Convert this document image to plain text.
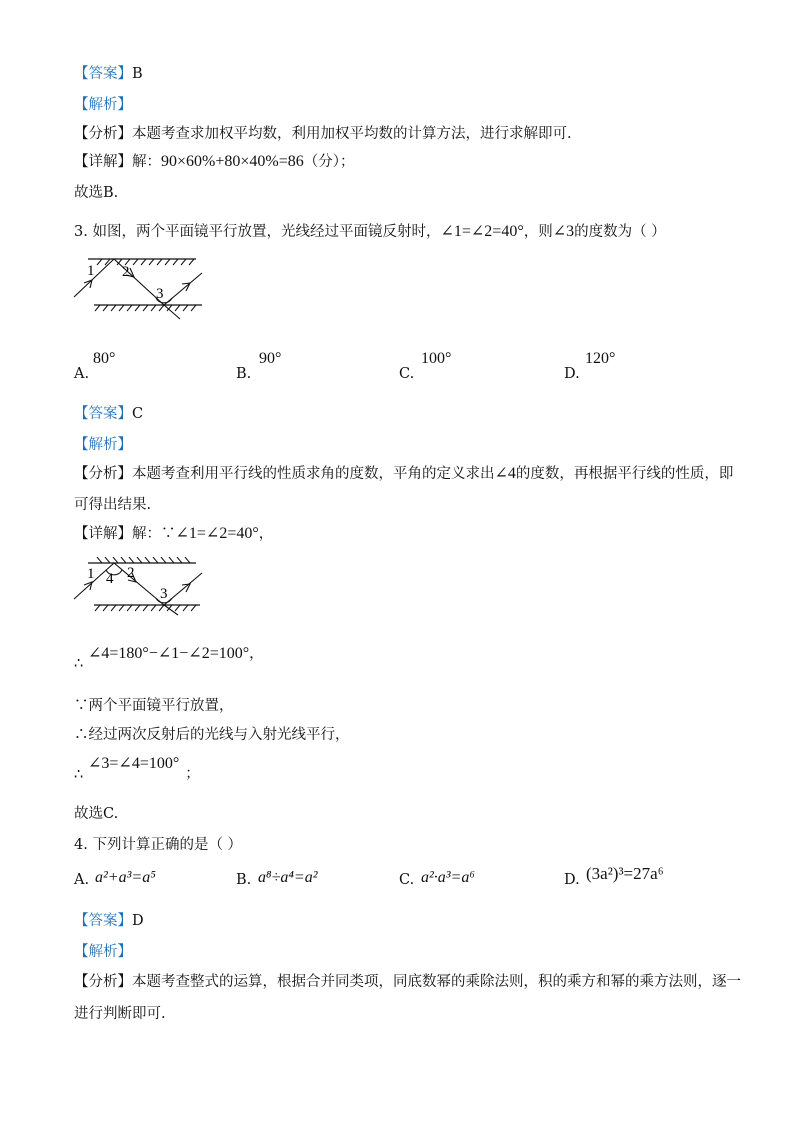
【答案】B
【解析】
【分析】本题考查求加权平均数，利用加权平均数的计算方法，进行求解即可.
【详解】解：90×60%+80×40%=86（分）；
故选B.
3. 如图，两个平面镜平行放置，光线经过平面镜反射时，∠1=∠2=40°，则∠3的度数为（ ）
1 2
3
A.
80°
B.
90°
C.
100°
D.
120°
【答案】C
【解析】
【分析】本题考查利用平行线的性质求角的度数，平角的定义求出∠4的度数，再根据平行线的性质，即
可得出结果.
【详解】解：∵∠1=∠2=40°，
1 4 2
3
∴
∠4=180°−∠1−∠2=100°，
∵两个平面镜平行放置，
∴经过两次反射后的光线与入射光线平行，
∴
∠3=∠4=100°；
故选C.
4. 下列计算正确的是（ ）
A. a²+a³=a⁵	B. a⁸÷a⁴=a²	C. a²·a³=a⁶	D. (3a²)³=27a⁶
【答案】D
【解析】
【分析】本题考查整式的运算，根据合并同类项，同底数幂的乘除法则，积的乘方和幂的乘方法则，逐一
进行判断即可.
